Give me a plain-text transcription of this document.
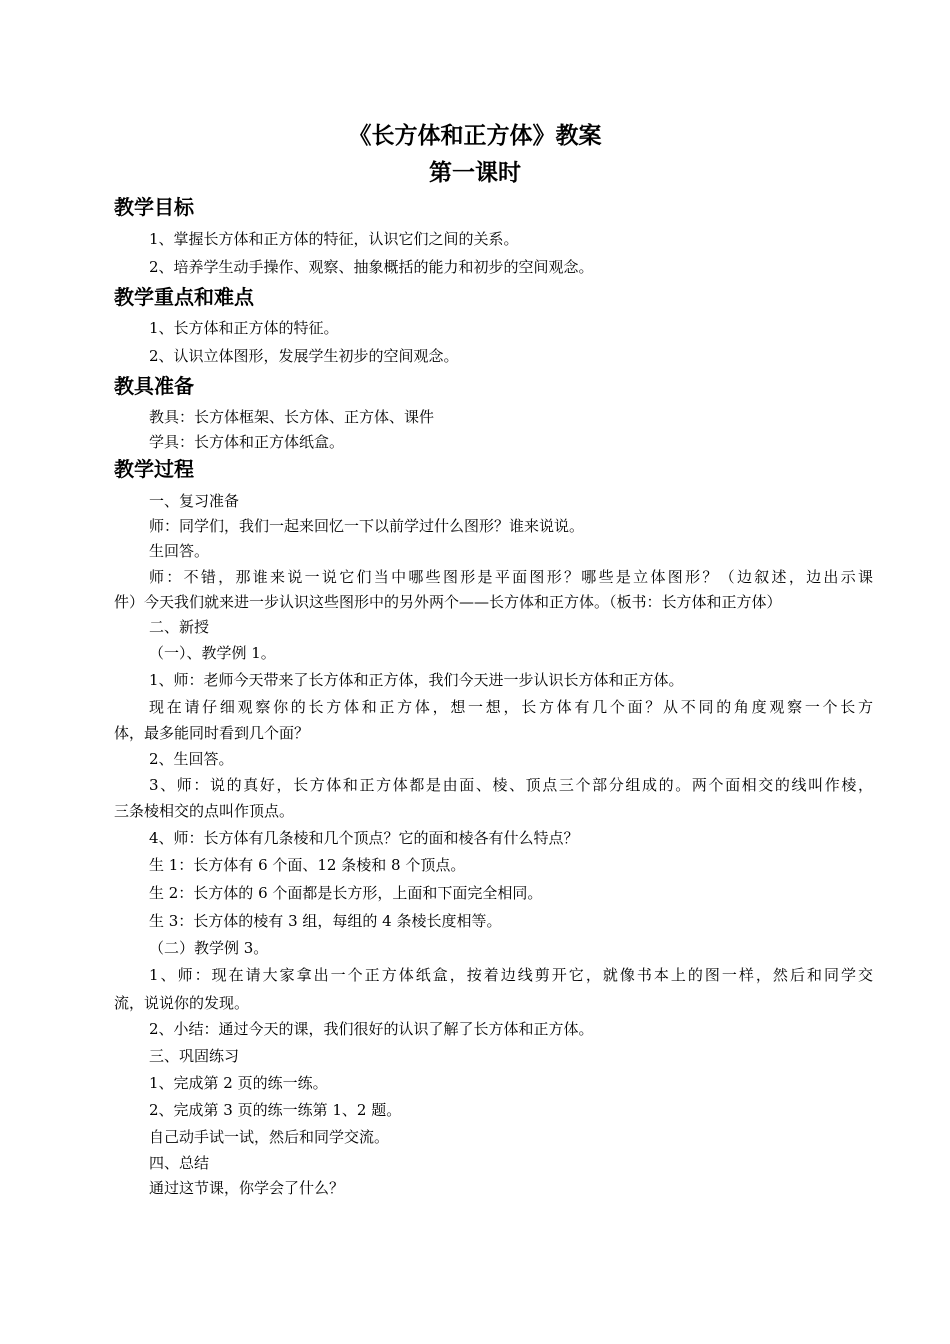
《长方体和正方体》教案
第一课时
教学目标
1、掌握长方体和正方体的特征，认识它们之间的关系。
2、培养学生动手操作、观察、抽象概括的能力和初步的空间观念。
教学重点和难点
1、长方体和正方体的特征。
2、认识立体图形，发展学生初步的空间观念。
教具准备
教具：长方体框架、长方体、正方体、课件
学具：长方体和正方体纸盒。
教学过程
一、复习准备
师：同学们，我们一起来回忆一下以前学过什么图形？谁来说说。
生回答。
师：不错，那谁来说一说它们当中哪些图形是平面图形？哪些是立体图形？（边叙述，边出示课
件）今天我们就来进一步认识这些图形中的另外两个——长方体和正方体。（板书：长方体和正方体）
二、新授
（一）、教学例 1。
1、师：老师今天带来了长方体和正方体，我们今天进一步认识长方体和正方体。
现在请仔细观察你的长方体和正方体，想一想，长方体有几个面？从不同的角度观察一个长方
体，最多能同时看到几个面？
2、生回答。
3、师：说的真好，长方体和正方体都是由面、棱、顶点三个部分组成的。两个面相交的线叫作棱，
三条棱相交的点叫作顶点。
4、师：长方体有几条棱和几个顶点？它的面和棱各有什么特点？
生 1：长方体有 6 个面、12 条棱和 8 个顶点。
生 2：长方体的 6 个面都是长方形，上面和下面完全相同。
生 3：长方体的棱有 3 组，每组的 4 条棱长度相等。
（二）教学例 3。
1、师：现在请大家拿出一个正方体纸盒，按着边线剪开它，就像书本上的图一样，然后和同学交
流，说说你的发现。
2、小结：通过今天的课，我们很好的认识了解了长方体和正方体。
三、巩固练习
1、完成第 2 页的练一练。
2、完成第 3 页的练一练第 1、2 题。
自己动手试一试，然后和同学交流。
四、总结
通过这节课，你学会了什么？
